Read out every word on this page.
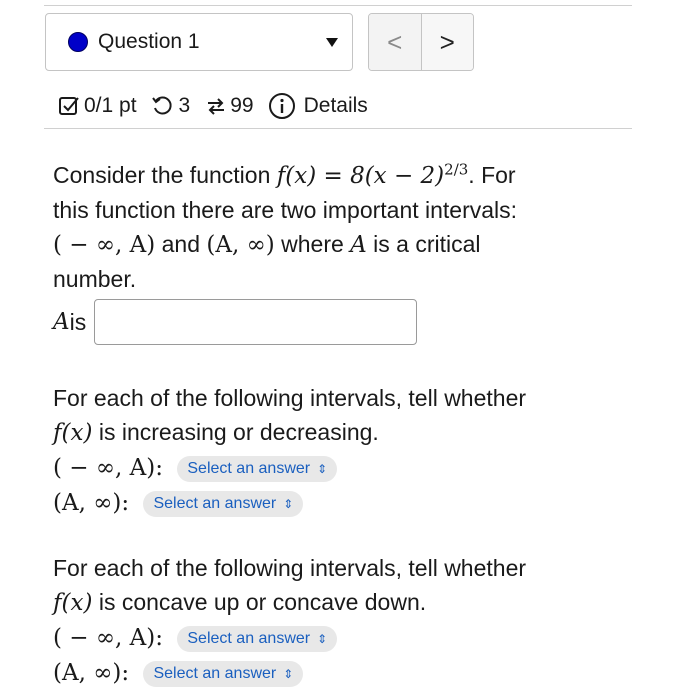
Question 1	< >
0/1 pt 3 99 Details
Consider the function $f(x) = 8(x - 2)^{2/3}$. For
this function there are two important intervals:
( − ∞, A) and (A, ∞) where A is a critical
number.
A is
For each of the following intervals, tell whether
f(x) is increasing or decreasing.
( − ∞, A): Select an answer ⇕
(A, ∞): Select an answer ⇕
For each of the following intervals, tell whether
f(x) is concave up or concave down.
( − ∞, A): Select an answer ⇕
(A, ∞): Select an answer ⇕
